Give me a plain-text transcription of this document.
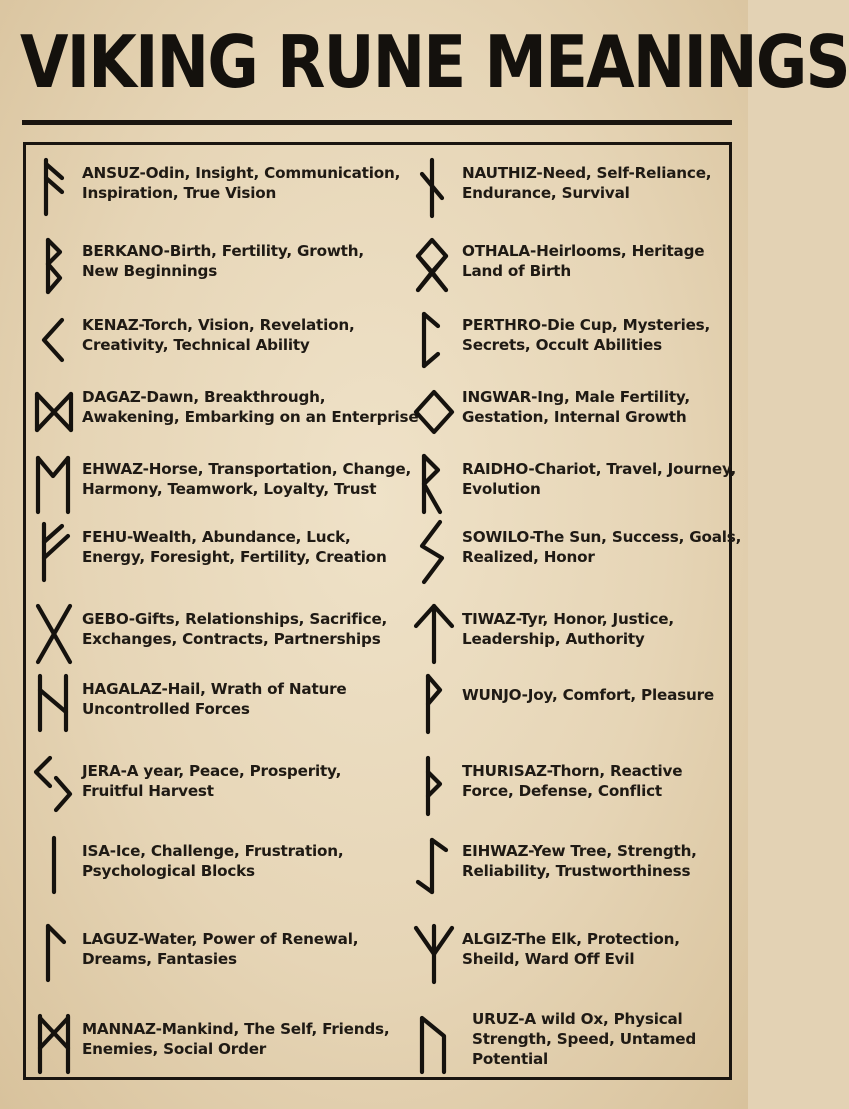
VIKING RUNE MEANINGS
ANSUZ-Odin, Insight, Communication,
Inspiration, True Vision
BERKANO-Birth, Fertility, Growth,
New Beginnings
KENAZ-Torch, Vision, Revelation,
Creativity, Technical Ability
DAGAZ-Dawn, Breakthrough,
Awakening, Embarking on an Enterprise
EHWAZ-Horse, Transportation, Change,
Harmony, Teamwork, Loyalty, Trust
FEHU-Wealth, Abundance, Luck,
Energy, Foresight, Fertility, Creation
GEBO-Gifts, Relationships, Sacrifice,
Exchanges, Contracts, Partnerships
HAGALAZ-Hail, Wrath of Nature
Uncontrolled Forces
JERA-A year, Peace, Prosperity,
Fruitful Harvest
ISA-Ice, Challenge, Frustration,
Psychological Blocks
LAGUZ-Water, Power of Renewal,
Dreams, Fantasies
MANNAZ-Mankind, The Self, Friends,
Enemies, Social Order
NAUTHIZ-Need, Self-Reliance,
Endurance, Survival
OTHALA-Heirlooms, Heritage
Land of Birth
PERTHRO-Die Cup, Mysteries,
Secrets, Occult Abilities
INGWAR-Ing, Male Fertility,
Gestation, Internal Growth
RAIDHO-Chariot, Travel, Journey,
Evolution
SOWILO-The Sun, Success, Goals,
Realized, Honor
TIWAZ-Tyr, Honor, Justice,
Leadership, Authority
WUNJO-Joy, Comfort, Pleasure
THURISAZ-Thorn, Reactive
Force, Defense, Conflict
EIHWAZ-Yew Tree, Strength,
Reliability, Trustworthiness
ALGIZ-The Elk, Protection,
Sheild, Ward Off Evil
URUZ-A wild Ox, Physical
Strength, Speed, Untamed
Potential
